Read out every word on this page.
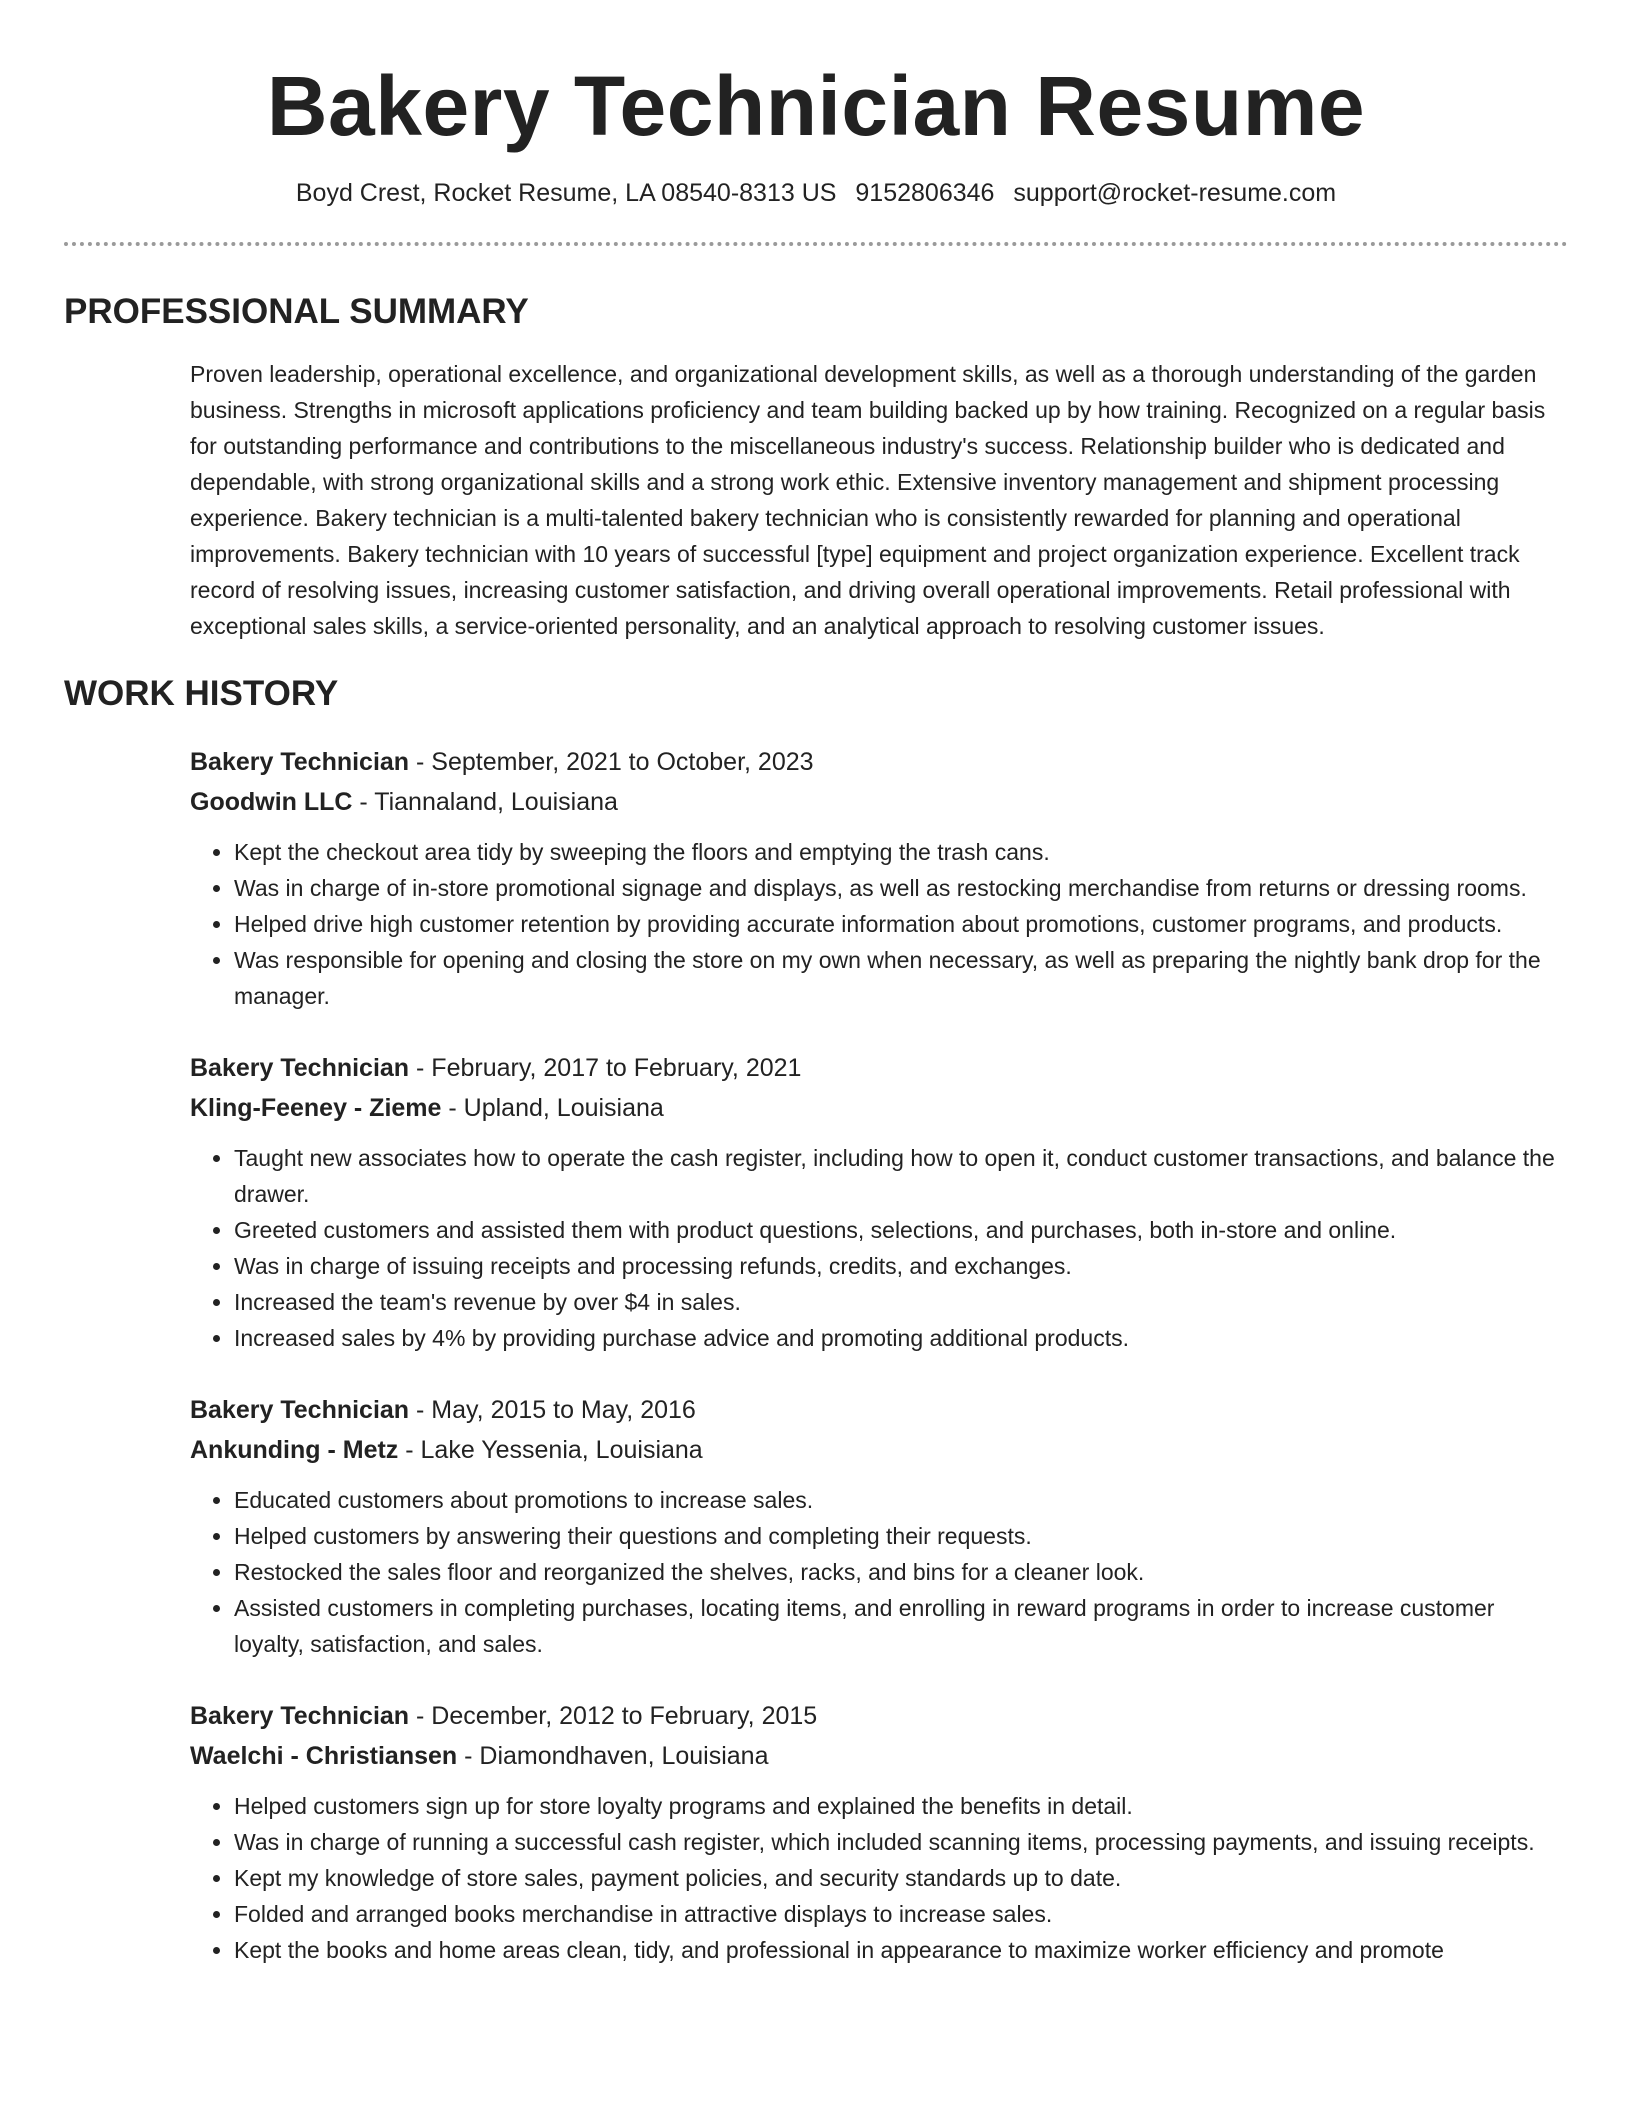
Bakery Technician Resume
Boyd Crest, Rocket Resume, LA 08540-8313 US 9152806346 support@rocket-resume.com
PROFESSIONAL SUMMARY

Proven leadership, operational excellence, and organizational development skills, as well as a thorough understanding of the garden business. Strengths in microsoft applications proficiency and team building backed up by how training. Recognized on a regular basis for outstanding performance and contributions to the miscellaneous industry's success. Relationship builder who is dedicated and dependable, with strong organizational skills and a strong work ethic. Extensive inventory management and shipment processing experience. Bakery technician is a multi-talented bakery technician who is consistently rewarded for planning and operational improvements. Bakery technician with 10 years of successful [type] equipment and project organization experience. Excellent track record of resolving issues, increasing customer satisfaction, and driving overall operational improvements. Retail professional with exceptional sales skills, a service-oriented personality, and an analytical approach to resolving customer issues.

WORK HISTORY
Bakery Technician - September, 2021 to October, 2023
Goodwin LLC - Tiannaland, Louisiana
• Kept the checkout area tidy by sweeping the floors and emptying the trash cans.
• Was in charge of in-store promotional signage and displays, as well as restocking merchandise from returns or dressing rooms.
• Helped drive high customer retention by providing accurate information about promotions, customer programs, and products.
• Was responsible for opening and closing the store on my own when necessary, as well as preparing the nightly bank drop for the manager.
Bakery Technician - February, 2017 to February, 2021
Kling-Feeney - Zieme - Upland, Louisiana
• Taught new associates how to operate the cash register, including how to open it, conduct customer transactions, and balance the drawer.
• Greeted customers and assisted them with product questions, selections, and purchases, both in-store and online.
• Was in charge of issuing receipts and processing refunds, credits, and exchanges.
• Increased the team's revenue by over $4 in sales.
• Increased sales by 4% by providing purchase advice and promoting additional products.
Bakery Technician - May, 2015 to May, 2016
Ankunding - Metz - Lake Yessenia, Louisiana
• Educated customers about promotions to increase sales.
• Helped customers by answering their questions and completing their requests.
• Restocked the sales floor and reorganized the shelves, racks, and bins for a cleaner look.
• Assisted customers in completing purchases, locating items, and enrolling in reward programs in order to increase customer loyalty, satisfaction, and sales.
Bakery Technician - December, 2012 to February, 2015
Waelchi - Christiansen - Diamondhaven, Louisiana
• Helped customers sign up for store loyalty programs and explained the benefits in detail.
• Was in charge of running a successful cash register, which included scanning items, processing payments, and issuing receipts.
• Kept my knowledge of store sales, payment policies, and security standards up to date.
• Folded and arranged books merchandise in attractive displays to increase sales.
• Kept the books and home areas clean, tidy, and professional in appearance to maximize worker efficiency and promote
